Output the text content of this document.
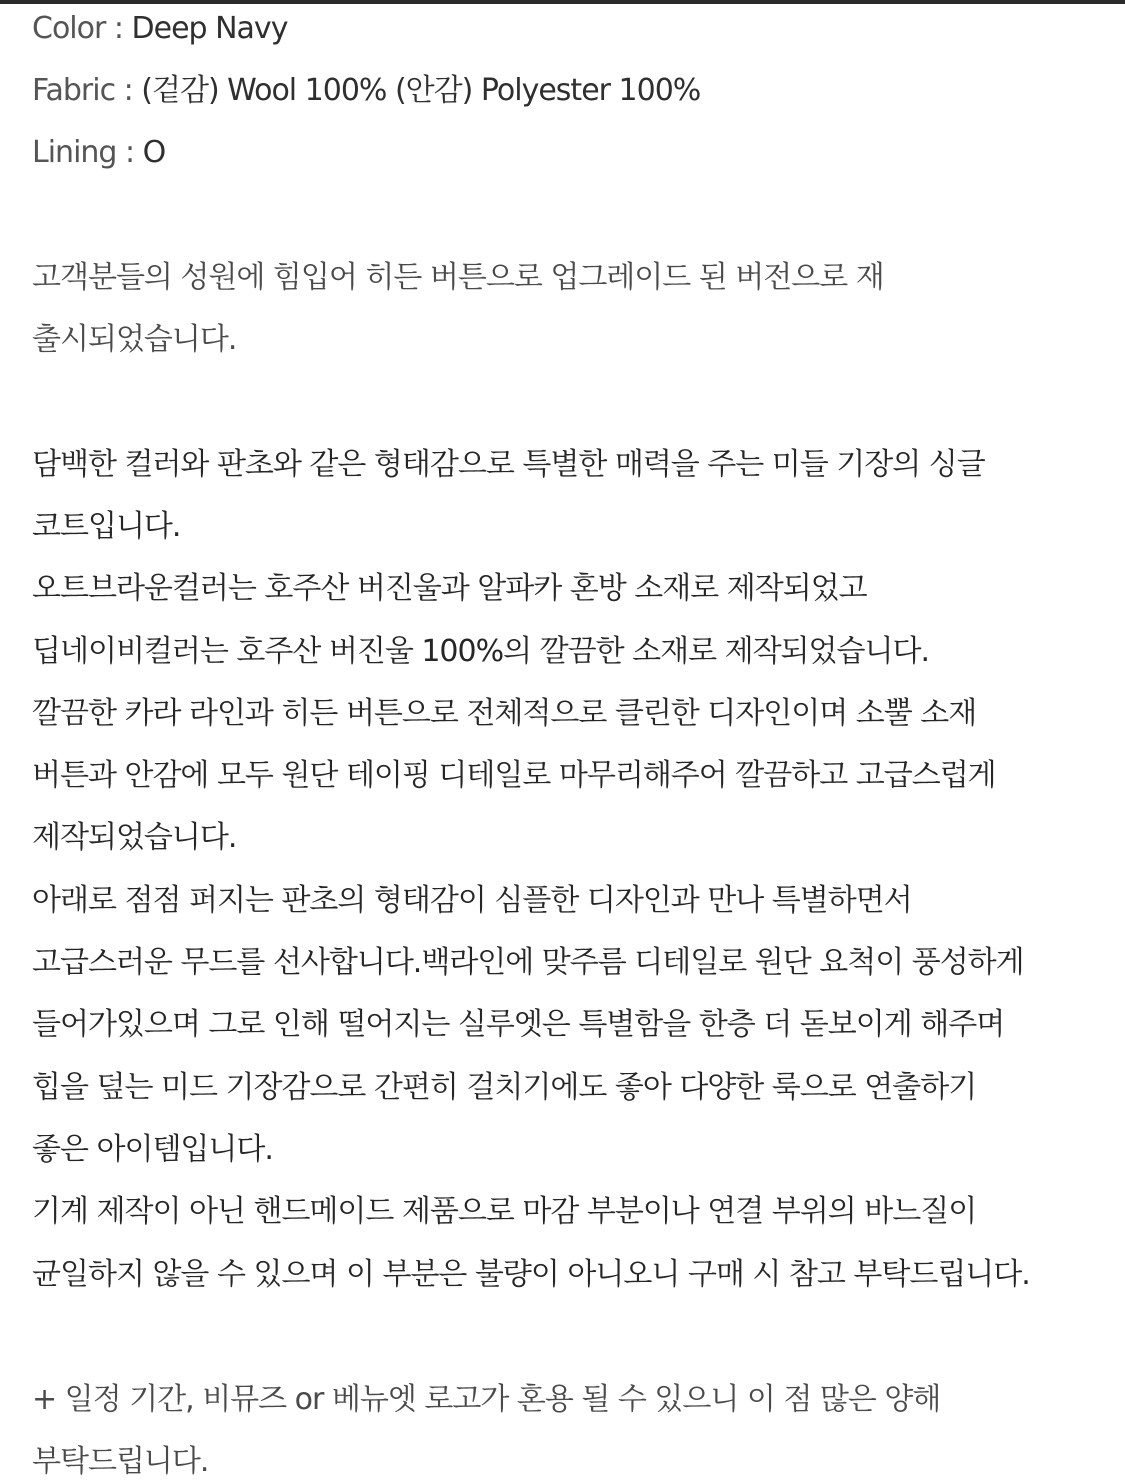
Color : Deep Navy
Fabric : (겉감) Wool 100% (안감) Polyester 100%
Lining : O
고객분들의 성원에 힘입어 히든 버튼으로 업그레이드 된 버전으로 재
출시되었습니다.
담백한 컬러와 판초와 같은 형태감으로 특별한 매력을 주는 미들 기장의 싱글
코트입니다.
오트브라운컬러는 호주산 버진울과 알파카 혼방 소재로 제작되었고
딥네이비컬러는 호주산 버진울 100%의 깔끔한 소재로 제작되었습니다.
깔끔한 카라 라인과 히든 버튼으로 전체적으로 클린한 디자인이며 소뿔 소재
버튼과 안감에 모두 원단 테이핑 디테일로 마무리해주어 깔끔하고 고급스럽게
제작되었습니다.
아래로 점점 퍼지는 판초의 형태감이 심플한 디자인과 만나 특별하면서
고급스러운 무드를 선사합니다.백라인에 맞주름 디테일로 원단 요척이 풍성하게
들어가있으며 그로 인해 떨어지는 실루엣은 특별함을 한층 더 돋보이게 해주며
힙을 덮는 미드 기장감으로 간편히 걸치기에도 좋아 다양한 룩으로 연출하기
좋은 아이템입니다.
기계 제작이 아닌 핸드메이드 제품으로 마감 부분이나 연결 부위의 바느질이
균일하지 않을 수 있으며 이 부분은 불량이 아니오니 구매 시 참고 부탁드립니다.
+ 일정 기간, 비뮤즈 or 베뉴엣 로고가 혼용 될 수 있으니 이 점 많은 양해
부탁드립니다.
